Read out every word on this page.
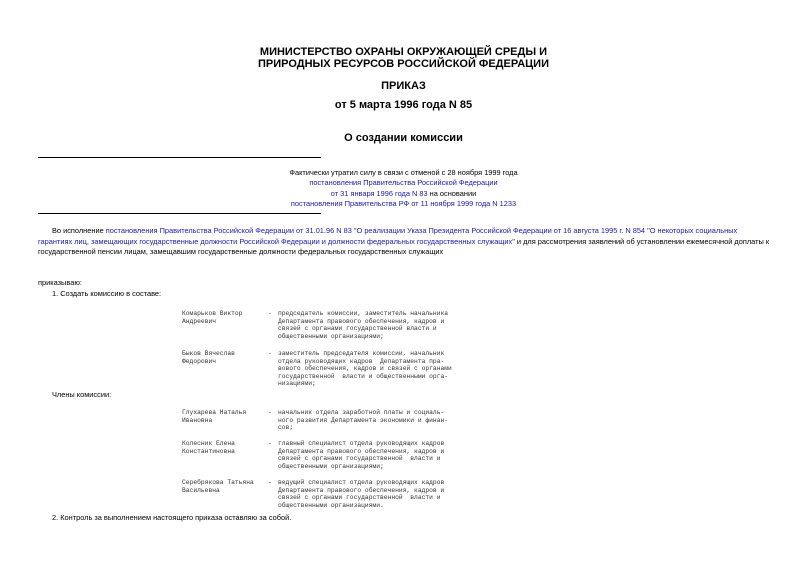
МИНИСТЕРСТВО ОХРАНЫ ОКРУЖАЮЩЕЙ СРЕДЫ И
ПРИРОДНЫХ РЕСУРСОВ РОССИЙСКОЙ ФЕДЕРАЦИИ
ПРИКАЗ
от 5 марта 1996 года N 85
О создании комиссии
Фактически утратил силу в связи с отменой с 28 ноября 1999 года
постановления Правительства Российской Федерации
от 31 января 1996 года N 83 на основании
постановления Правительства РФ от 11 ноября 1999 года N 1233
Во исполнение постановления Правительства Российской Федерации от 31.01.96 N 83 "О реализации Указа Президента Российской Федерации от 16 августа 1995 г. N 854 "О некоторых социальных гарантиях лиц, замещающих государственные должности Российской Федерации и должности федеральных государственных служащих" и для рассмотрения заявлений об установлении ежемесячной доплаты к государственной пенсии лицам, замещавшим государственные должности федеральных государственных служащих
приказываю:
1. Создать комиссию в составе:
Комарьков Виктор
Андреевич
- председатель комиссии, заместитель начальника
Департамента правового обеспечения, кадров и
связей с органами государственной власти и
общественными организациями;
Быков Вячеслав
Федорович
- заместитель председателя комиссии, начальник
отдела руководящих кадров  Департамента пра-
вового обеспечения, кадров и связей с органами
государственной  власти и общественными орга-
низациями;
Члены комиссии:
Глухарева Наталья
Ивановна
- начальник отдела заработной платы и социаль-
ного развития Департамента экономики и финан-
сов;
Колесник Елена
Константиновна
- главный специалист отдела руководящих кадров
Департамента правового обеспечения, кадров и
связей с органами государственной  власти и
общественными организациями;
Серебрякова Татьяна
Васильевна
- ведущий специалист отдела руководящих кадров
Департамента правового обеспечения, кадров и
связей с органами государственной  власти и
общественными организациями.
2. Контроль за выполнением настоящего приказа оставляю за собой.
